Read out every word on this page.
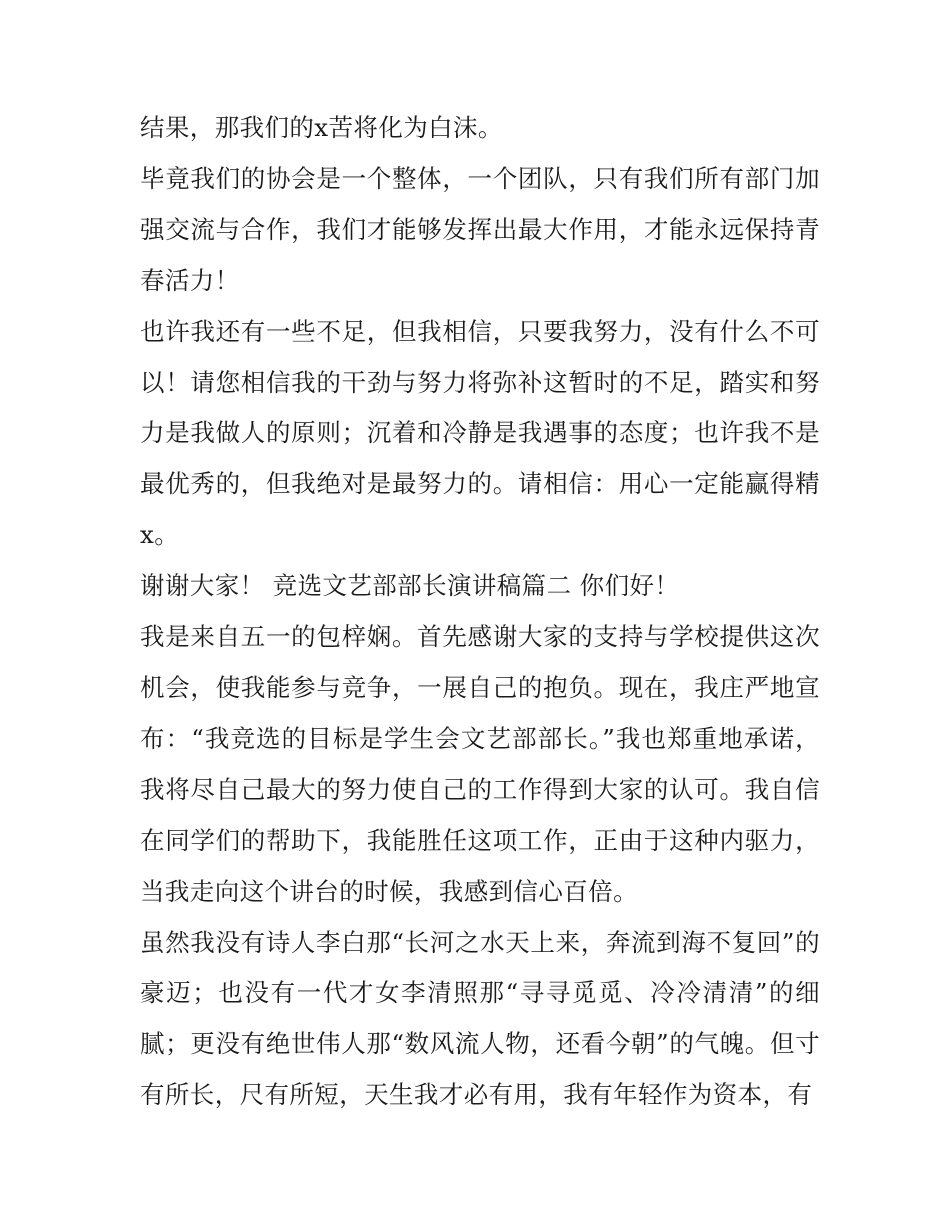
结果，那我们的x苦将化为白沫。

毕竟我们的协会是一个整体，一个团队，只有我们所有部门加强交流与合作，我们才能够发挥出最大作用，才能永远保持青春活力！

也许我还有一些不足，但我相信，只要我努力，没有什么不可以！请您相信我的干劲与努力将弥补这暂时的不足，踏实和努力是我做人的原则；沉着和冷静是我遇事的态度；也许我不是最优秀的，但我绝对是最努力的。请相信：用心一定能赢得精x。

谢谢大家！ 竞选文艺部部长演讲稿篇二 你们好！

我是来自五一的包梓娴。首先感谢大家的支持与学校提供这次机会，使我能参与竞争，一展自己的抱负。现在，我庄严地宣布：“我竞选的目标是学生会文艺部部长。”我也郑重地承诺，我将尽自己最大的努力使自己的工作得到大家的认可。我自信在同学们的帮助下，我能胜任这项工作，正由于这种内驱力，当我走向这个讲台的时候，我感到信心百倍。

虽然我没有诗人李白那“长河之水天上来，奔流到海不复回”的豪迈；也没有一代才女李清照那“寻寻觅觅、冷冷清清”的细腻；更没有绝世伟人那“数风流人物，还看今朝”的气魄。但寸有所长，尺有所短，天生我才必有用，我有年轻作为资本，有
